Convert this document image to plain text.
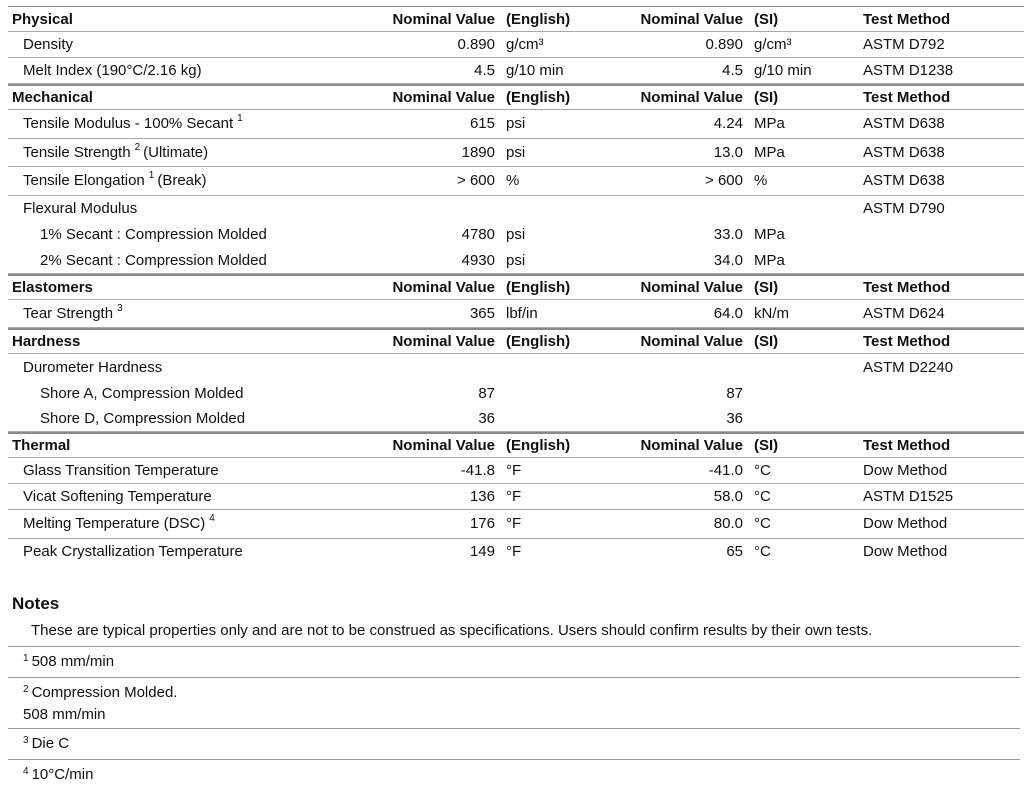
Physical	Nominal Value (English)	Nominal Value (SI)	Test Method
Density	0.890 g/cm³	0.890 g/cm³	ASTM D792
Melt Index (190°C/2.16 kg)	4.5 g/10 min	4.5 g/10 min	ASTM D1238
Mechanical	Nominal Value (English)	Nominal Value (SI)	Test Method
Tensile Modulus - 100% Secant $^1$	615 psi	4.24 MPa	ASTM D638
Tensile Strength $^2$ (Ultimate)	1890 psi	13.0 MPa	ASTM D638
Tensile Elongation $^1$ (Break)	> 600 %	> 600 %	ASTM D638
Flexural Modulus	ASTM D790
1% Secant : Compression Molded	4780 psi	33.0 MPa
2% Secant : Compression Molded	4930 psi	34.0 MPa
Elastomers	Nominal Value (English)	Nominal Value (SI)	Test Method
Tear Strength $^3$	365 lbf/in	64.0 kN/m	ASTM D624
Hardness	Nominal Value (English)	Nominal Value (SI)	Test Method
Durometer Hardness	ASTM D2240
Shore A, Compression Molded	87	87
Shore D, Compression Molded	36	36
Thermal	Nominal Value (English)	Nominal Value (SI)	Test Method
Glass Transition Temperature	-41.8 °F	-41.0 °C	Dow Method
Vicat Softening Temperature	136 °F	58.0 °C	ASTM D1525
Melting Temperature (DSC) $^4$	176 °F	80.0 °C	Dow Method
Peak Crystallization Temperature	149 °F	65 °C	Dow Method
Notes
These are typical properties only and are not to be construed as specifications. Users should confirm results by their own tests.
$^1$ 508 mm/min
$^2$ Compression Molded.
508 mm/min
$^3$ Die C
$^4$ 10°C/min
